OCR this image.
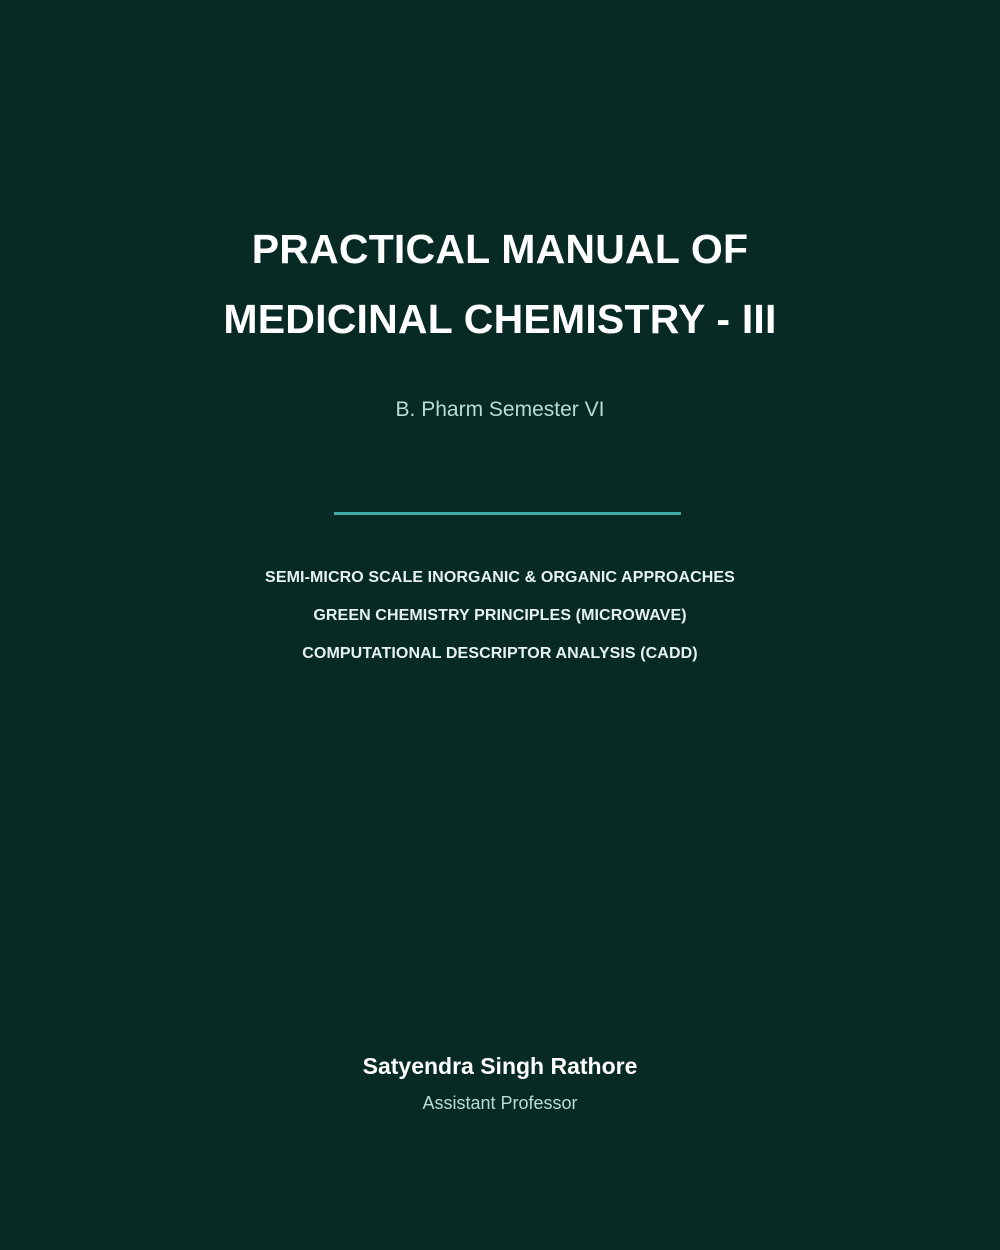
PRACTICAL MANUAL OF
MEDICINAL CHEMISTRY - III
B. Pharm Semester VI
SEMI-MICRO SCALE INORGANIC & ORGANIC APPROACHES
GREEN CHEMISTRY PRINCIPLES (MICROWAVE)
COMPUTATIONAL DESCRIPTOR ANALYSIS (CADD)
Satyendra Singh Rathore
Assistant Professor
